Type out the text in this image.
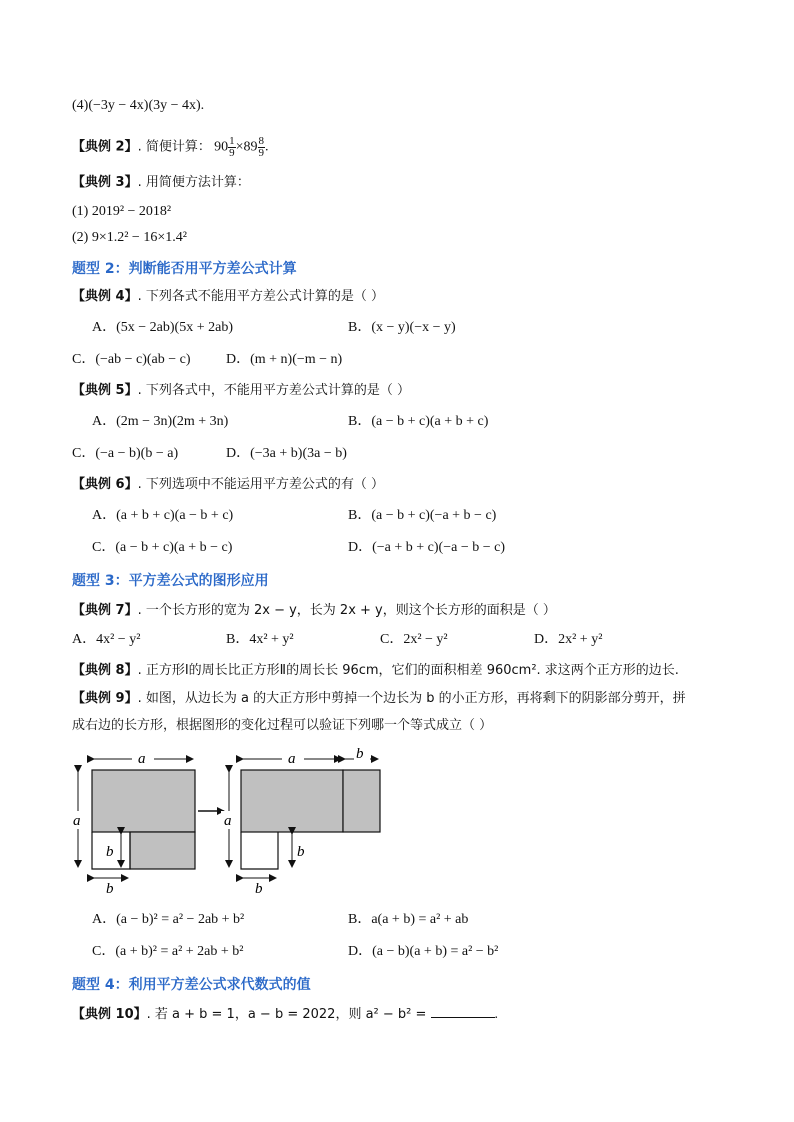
(4)(−3y − 4x)(3y − 4x).
【典例 2】. 简便计算： $90 \frac{1}{9} \times 89 \frac{8}{9}$ .
【典例 3】. 用简便方法计算：
(1) 2019² − 2018²
(2) 9×1.2² − 16×1.4²
题型 2：判断能否用平方差公式计算
【典例 4】. 下列各式不能用平方差公式计算的是（ ）
A．(5x − 2ab)(5x + 2ab)	B．(x − y)(−x − y)
C．(−ab − c)(ab − c)	D．(m + n)(−m − n)
【典例 5】. 下列各式中，不能用平方差公式计算的是（ ）
A．(2m − 3n)(2m + 3n)	B．(a − b + c)(a + b + c)
C．(−a − b)(b − a)	D．(−3a + b)(3a − b)
【典例 6】. 下列选项中不能运用平方差公式的有（ ）
A．(a + b + c)(a − b + c)	B．(a − b + c)(−a + b − c)
C．(a − b + c)(a + b − c)	D．(−a + b + c)(−a − b − c)
题型 3：平方差公式的图形应用
【典例 7】. 一个长方形的宽为 2x − y，长为 2x + y，则这个长方形的面积是（ ）
A．4x² − y²	B．4x² + y²	C．2x² − y²	D．2x² + y²
【典例 8】. 正方形Ⅰ的周长比正方形Ⅱ的周长长 96cm，它们的面积相差 960cm². 求这两个正方形的边长.
【典例 9】. 如图，从边长为 a 的大正方形中剪掉一个边长为 b 的小正方形，再将剩下的阴影部分剪开，拼
成右边的长方形，根据图形的变化过程可以验证下列哪一个等式成立（ ）
a
a
b
b
a	b
a
b
b
A．(a − b)² = a² − 2ab + b²	B．a(a + b) = a² + ab
C．(a + b)² = a² + 2ab + b²	D．(a − b)(a + b) = a² − b²
题型 4：利用平方差公式求代数式的值
【典例 10】. 若 a + b = 1，a − b = 2022，则 a² − b² =	.
